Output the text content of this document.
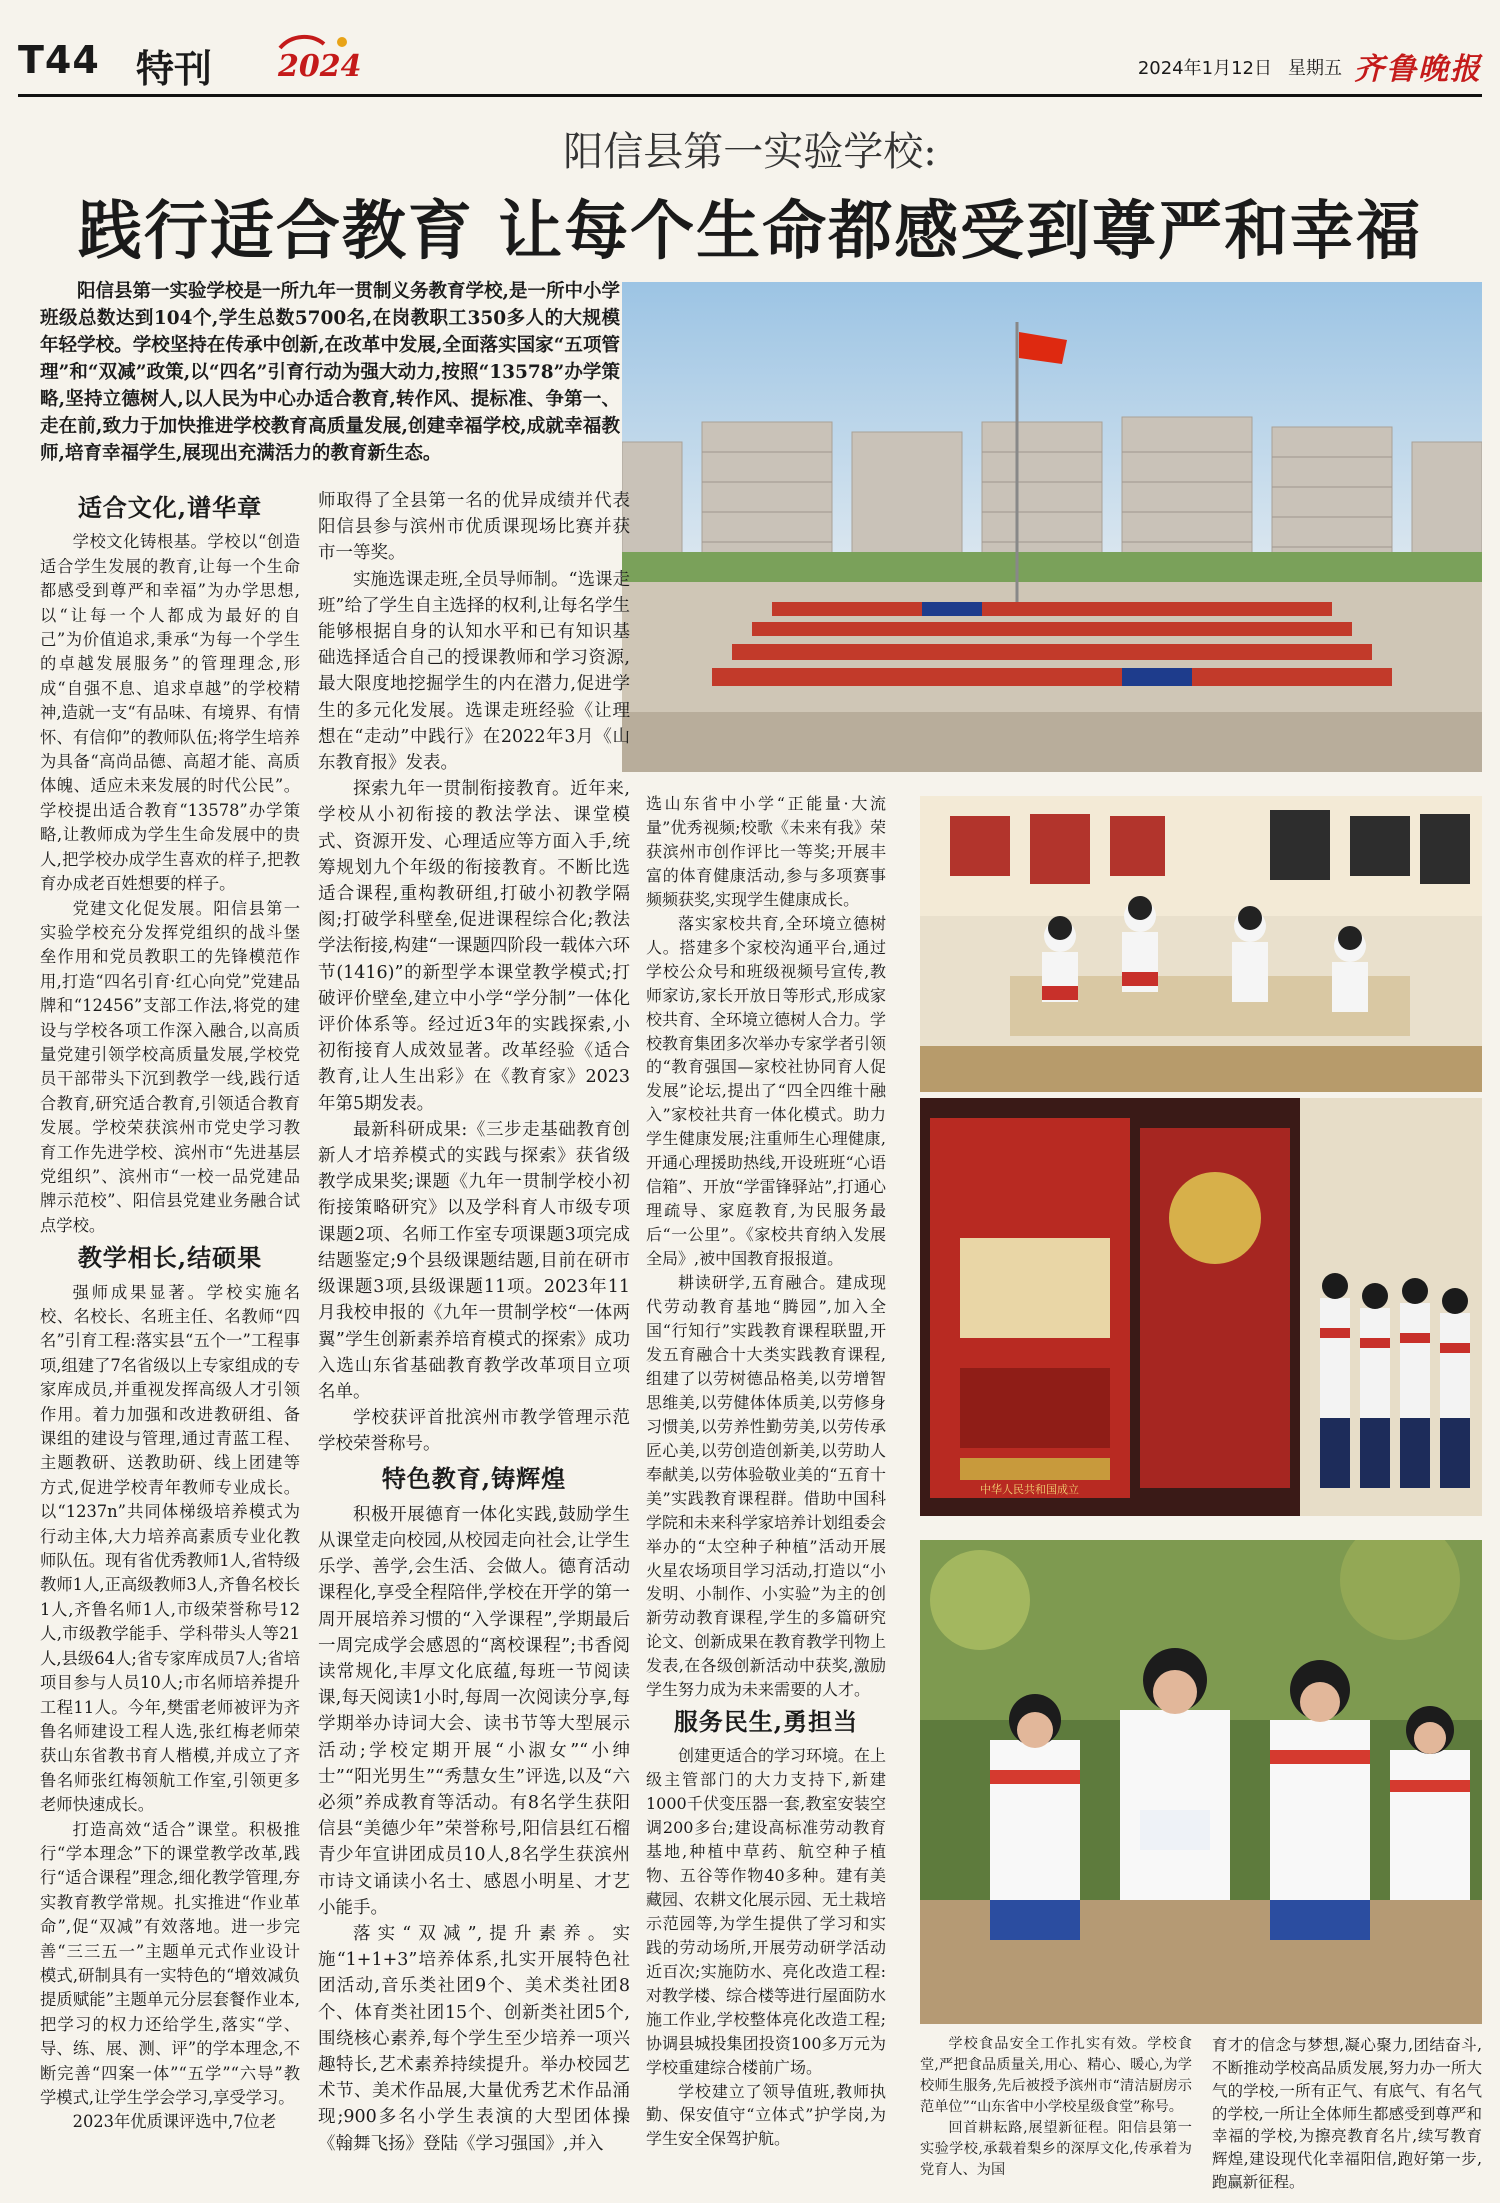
T44 特刊 2024	2024年1月12日 星期五 齐鲁晚报
阳信县第一实验学校:
践行适合教育 让每个生命都感受到尊严和幸福
阳信县第一实验学校是一所九年一贯制义务教育学校,是一所中小学班级总数达到104个,学生总数5700名,在岗教职工350多人的大规模年轻学校。学校坚持在传承中创新,在改革中发展,全面落实国家“五项管理”和“双减”政策,以“四名”引育行动为强大动力,按照“13578”办学策略,坚持立德树人,以人民为中心办适合教育,转作风、提标准、争第一、走在前,致力于加快推进学校教育高质量发展,创建幸福学校,成就幸福教师,培育幸福学生,展现出充满活力的教育新生态。
中华人民共和国成立
适合文化,谱华章

学校文化铸根基。学校以“创造适合学生发展的教育,让每一个生命都感受到尊严和幸福”为办学思想,以“让每一个人都成为最好的自己”为价值追求,秉承“为每一个学生的卓越发展服务”的管理理念,形成“自强不息、追求卓越”的学校精神,造就一支“有品味、有境界、有情怀、有信仰”的教师队伍;将学生培养为具备“高尚品德、高超才能、高质体魄、适应未来发展的时代公民”。学校提出适合教育“13578”办学策略,让教师成为学生生命发展中的贵人,把学校办成学生喜欢的样子,把教育办成老百姓想要的样子。

党建文化促发展。阳信县第一实验学校充分发挥党组织的战斗堡垒作用和党员教职工的先锋模范作用,打造“四名引育·红心向党”党建品牌和“12456”支部工作法,将党的建设与学校各项工作深入融合,以高质量党建引领学校高质量发展,学校党员干部带头下沉到教学一线,践行适合教育,研究适合教育,引领适合教育发展。学校荣获滨州市党史学习教育工作先进学校、滨州市“先进基层党组织”、滨州市“一校一品党建品牌示范校”、阳信县党建业务融合试点学校。

教学相长,结硕果

强师成果显著。学校实施名校、名校长、名班主任、名教师“四名”引育工程:落实县“五个一”工程事项,组建了7名省级以上专家组成的专家库成员,并重视发挥高级人才引领作用。着力加强和改进教研组、备课组的建设与管理,通过青蓝工程、主题教研、送教助研、线上团建等方式,促进学校青年教师专业成长。以“1237n”共同体梯级培养模式为行动主体,大力培养高素质专业化教师队伍。现有省优秀教师1人,省特级教师1人,正高级教师3人,齐鲁名校长1人,齐鲁名师1人,市级荣誉称号12人,市级教学能手、学科带头人等21人,县级64人;省专家库成员7人;省培项目参与人员10人;市名师培养提升工程11人。今年,樊雷老师被评为齐鲁名师建设工程人选,张红梅老师荣获山东省教书育人楷模,并成立了齐鲁名师张红梅领航工作室,引领更多老师快速成长。

打造高效“适合”课堂。积极推行“学本理念”下的课堂教学改革,践行“适合课程”理念,细化教学管理,夯实教育教学常规。扎实推进“作业革命”,促“双减”有效落地。进一步完善“三三五一”主题单元式作业设计模式,研制具有一实特色的“增效减负提质赋能”主题单元分层套餐作业本,把学习的权力还给学生,落实“学、导、练、展、测、评”的学本理念,不断完善“四案一体”“五学”“六导”教学模式,让学生学会学习,享受学习。

2023年优质课评选中,7位老

师取得了全县第一名的优异成绩并代表阳信县参与滨州市优质课现场比赛并获市一等奖。

实施选课走班,全员导师制。“选课走班”给了学生自主选择的权利,让每名学生能够根据自身的认知水平和已有知识基础选择适合自己的授课教师和学习资源,最大限度地挖掘学生的内在潜力,促进学生的多元化发展。选课走班经验《让理想在“走动”中践行》在2022年3月《山东教育报》发表。

探索九年一贯制衔接教育。近年来,学校从小初衔接的教法学法、课堂模式、资源开发、心理适应等方面入手,统筹规划九个年级的衔接教育。不断比选适合课程,重构教研组,打破小初教学隔阂;打破学科壁垒,促进课程综合化;教法学法衔接,构建“一课题四阶段一载体六环节(1416)”的新型学本课堂教学模式;打破评价壁垒,建立中小学“学分制”一体化评价体系等。经过近3年的实践探索,小初衔接育人成效显著。改革经验《适合教育,让人生出彩》在《教育家》2023年第5期发表。

最新科研成果:《三步走基础教育创新人才培养模式的实践与探索》获省级教学成果奖;课题《九年一贯制学校小初衔接策略研究》以及学科育人市级专项课题2项、名师工作室专项课题3项完成结题鉴定;9个县级课题结题,目前在研市级课题3项,县级课题11项。2023年11月我校申报的《九年一贯制学校“一体两翼”学生创新素养培育模式的探索》成功入选山东省基础教育教学改革项目立项名单。

学校获评首批滨州市教学管理示范学校荣誉称号。

特色教育,铸辉煌

积极开展德育一体化实践,鼓励学生从课堂走向校园,从校园走向社会,让学生乐学、善学,会生活、会做人。德育活动课程化,享受全程陪伴,学校在开学的第一周开展培养习惯的“入学课程”,学期最后一周完成学会感恩的“离校课程”;书香阅读常规化,丰厚文化底蕴,每班一节阅读课,每天阅读1小时,每周一次阅读分享,每学期举办诗词大会、读书节等大型展示活动;学校定期开展“小淑女”“小绅士”“阳光男生”“秀慧女生”评选,以及“六必须”养成教育等活动。有8名学生获阳信县“美德少年”荣誉称号,阳信县红石榴青少年宣讲团成员10人,8名学生获滨州市诗文诵读小名士、感恩小明星、才艺小能手。

落实“双减”,提升素养。实施“1+1+3”培养体系,扎实开展特色社团活动,音乐类社团9个、美术类社团8个、体育类社团15个、创新类社团5个,围绕核心素养,每个学生至少培养一项兴趣特长,艺术素养持续提升。举办校园艺术节、美术作品展,大量优秀艺术作品涌现;900多名小学生表演的大型团体操《翰舞飞扬》登陆《学习强国》,并入

选山东省中小学“正能量·大流量”优秀视频;校歌《未来有我》荣获滨州市创作评比一等奖;开展丰富的体育健康活动,参与多项赛事频频获奖,实现学生健康成长。

落实家校共育,全环境立德树人。搭建多个家校沟通平台,通过学校公众号和班级视频号宣传,教师家访,家长开放日等形式,形成家校共育、全环境立德树人合力。学校教育集团多次举办专家学者引领的“教育强国—家校社协同育人促发展”论坛,提出了“四全四维十融入”家校社共育一体化模式。助力学生健康发展;注重师生心理健康,开通心理援助热线,开设班班“心语信箱”、开放“学雷锋驿站”,打通心理疏导、家庭教育,为民服务最后“一公里”。《家校共育纳入发展全局》,被中国教育报报道。

耕读研学,五育融合。建成现代劳动教育基地“腾园”,加入全国“行知行”实践教育课程联盟,开发五育融合十大类实践教育课程,组建了以劳树德品格美,以劳增智思维美,以劳健体体质美,以劳修身习惯美,以劳养性勤劳美,以劳传承匠心美,以劳创造创新美,以劳助人奉献美,以劳体验敬业美的“五育十美”实践教育课程群。借助中国科学院和未来科学家培养计划组委会举办的“太空种子种植”活动开展火星农场项目学习活动,打造以“小发明、小制作、小实验”为主的创新劳动教育课程,学生的多篇研究论文、创新成果在教育教学刊物上发表,在各级创新活动中获奖,激励学生努力成为未来需要的人才。

服务民生,勇担当

创建更适合的学习环境。在上级主管部门的大力支持下,新建1000千伏变压器一套,教室安装空调200多台;建设高标准劳动教育基地,种植中草药、航空种子植物、五谷等作物40多种。建有美藏园、农耕文化展示园、无土栽培示范园等,为学生提供了学习和实践的劳动场所,开展劳动研学活动近百次;实施防水、亮化改造工程:对教学楼、综合楼等进行屋面防水施工作业,学校整体亮化改造工程;协调县城投集团投资100多万元为学校重建综合楼前广场。

学校建立了领导值班,教师执勤、保安值守“立体式”护学岗,为学生安全保驾护航。

学校食品安全工作扎实有效。学校食堂,严把食品质量关,用心、精心、暖心,为学校师生服务,先后被授予滨州市“清洁厨房示范单位”“山东省中小学校星级食堂”称号。

回首耕耘路,展望新征程。阳信县第一实验学校,承载着梨乡的深厚文化,传承着为党育人、为国

育才的信念与梦想,凝心聚力,团结奋斗,不断推动学校高品质发展,努力办一所大气的学校,一所有正气、有底气、有名气的学校,一所让全体师生都感受到尊严和幸福的学校,为擦亮教育名片,续写教育辉煌,建设现代化幸福阳信,跑好第一步,跑赢新征程。
